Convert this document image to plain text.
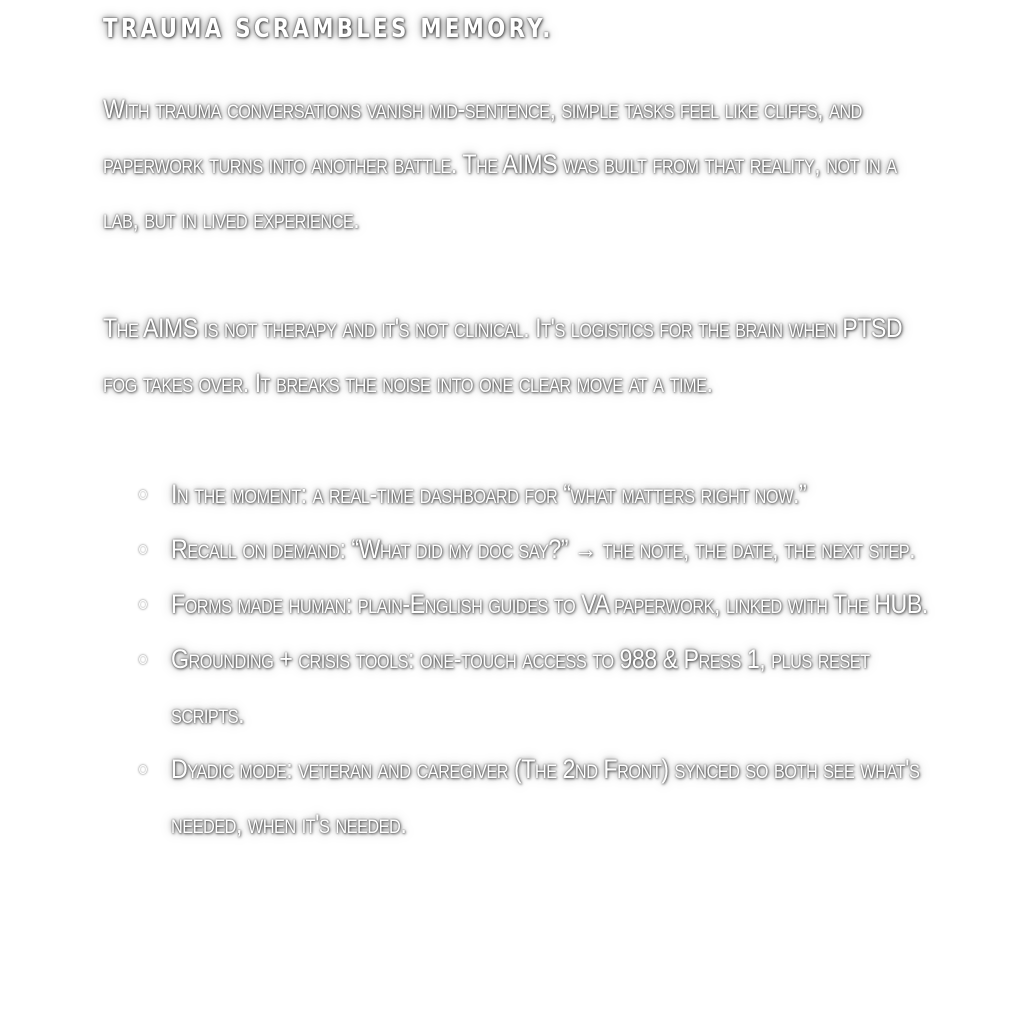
TRAUMA SCRAMBLES MEMORY.

With trauma conversations vanish mid-sentence, simple tasks feel like cliffs, and paperwork turns into another battle. The AIMS was built from that reality, not in a lab, but in lived experience.

The AIMS is not therapy and it's not clinical. It's logistics for the brain when PTSD fog takes over. It breaks the noise into one clear move at a time.

In the moment: a real-time dashboard for “what matters right now.”
Recall on demand: “What did my doc say?” → the note, the date, the next step.
Forms made human: plain-English guides to VA paperwork, linked with The HUB.
Grounding + crisis tools: one-touch access to 988 & Press 1, plus reset scripts.
Dyadic mode: veteran and caregiver (The 2nd Front) synced so both see what's needed, when it's needed.
